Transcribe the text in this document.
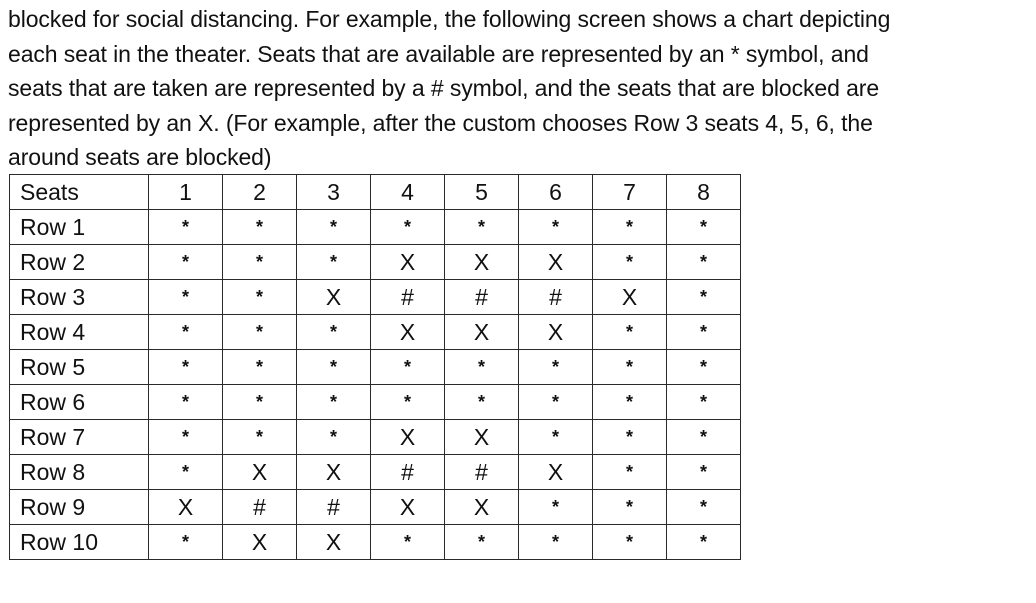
blocked for social distancing. For example, the following screen shows a chart depicting
each seat in the theater. Seats that are available are represented by an * symbol, and
seats that are taken are represented by a # symbol, and the seats that are blocked are
represented by an X. (For example, after the custom chooses Row 3 seats 4, 5, 6, the
around seats are blocked)
Seats	1	2	3	4	5	6	7	8
Row 1	*	*	*	*	*	*	*	*
Row 2	*	*	*	X	X	X	*	*
Row 3	*	*	X	#	#	#	X	*
Row 4	*	*	*	X	X	X	*	*
Row 5	*	*	*	*	*	*	*	*
Row 6	*	*	*	*	*	*	*	*
Row 7	*	*	*	X	X	*	*	*
Row 8	*	X	X	#	#	X	*	*
Row 9	X	#	#	X	X	*	*	*
Row 10	*	X	X	*	*	*	*	*
